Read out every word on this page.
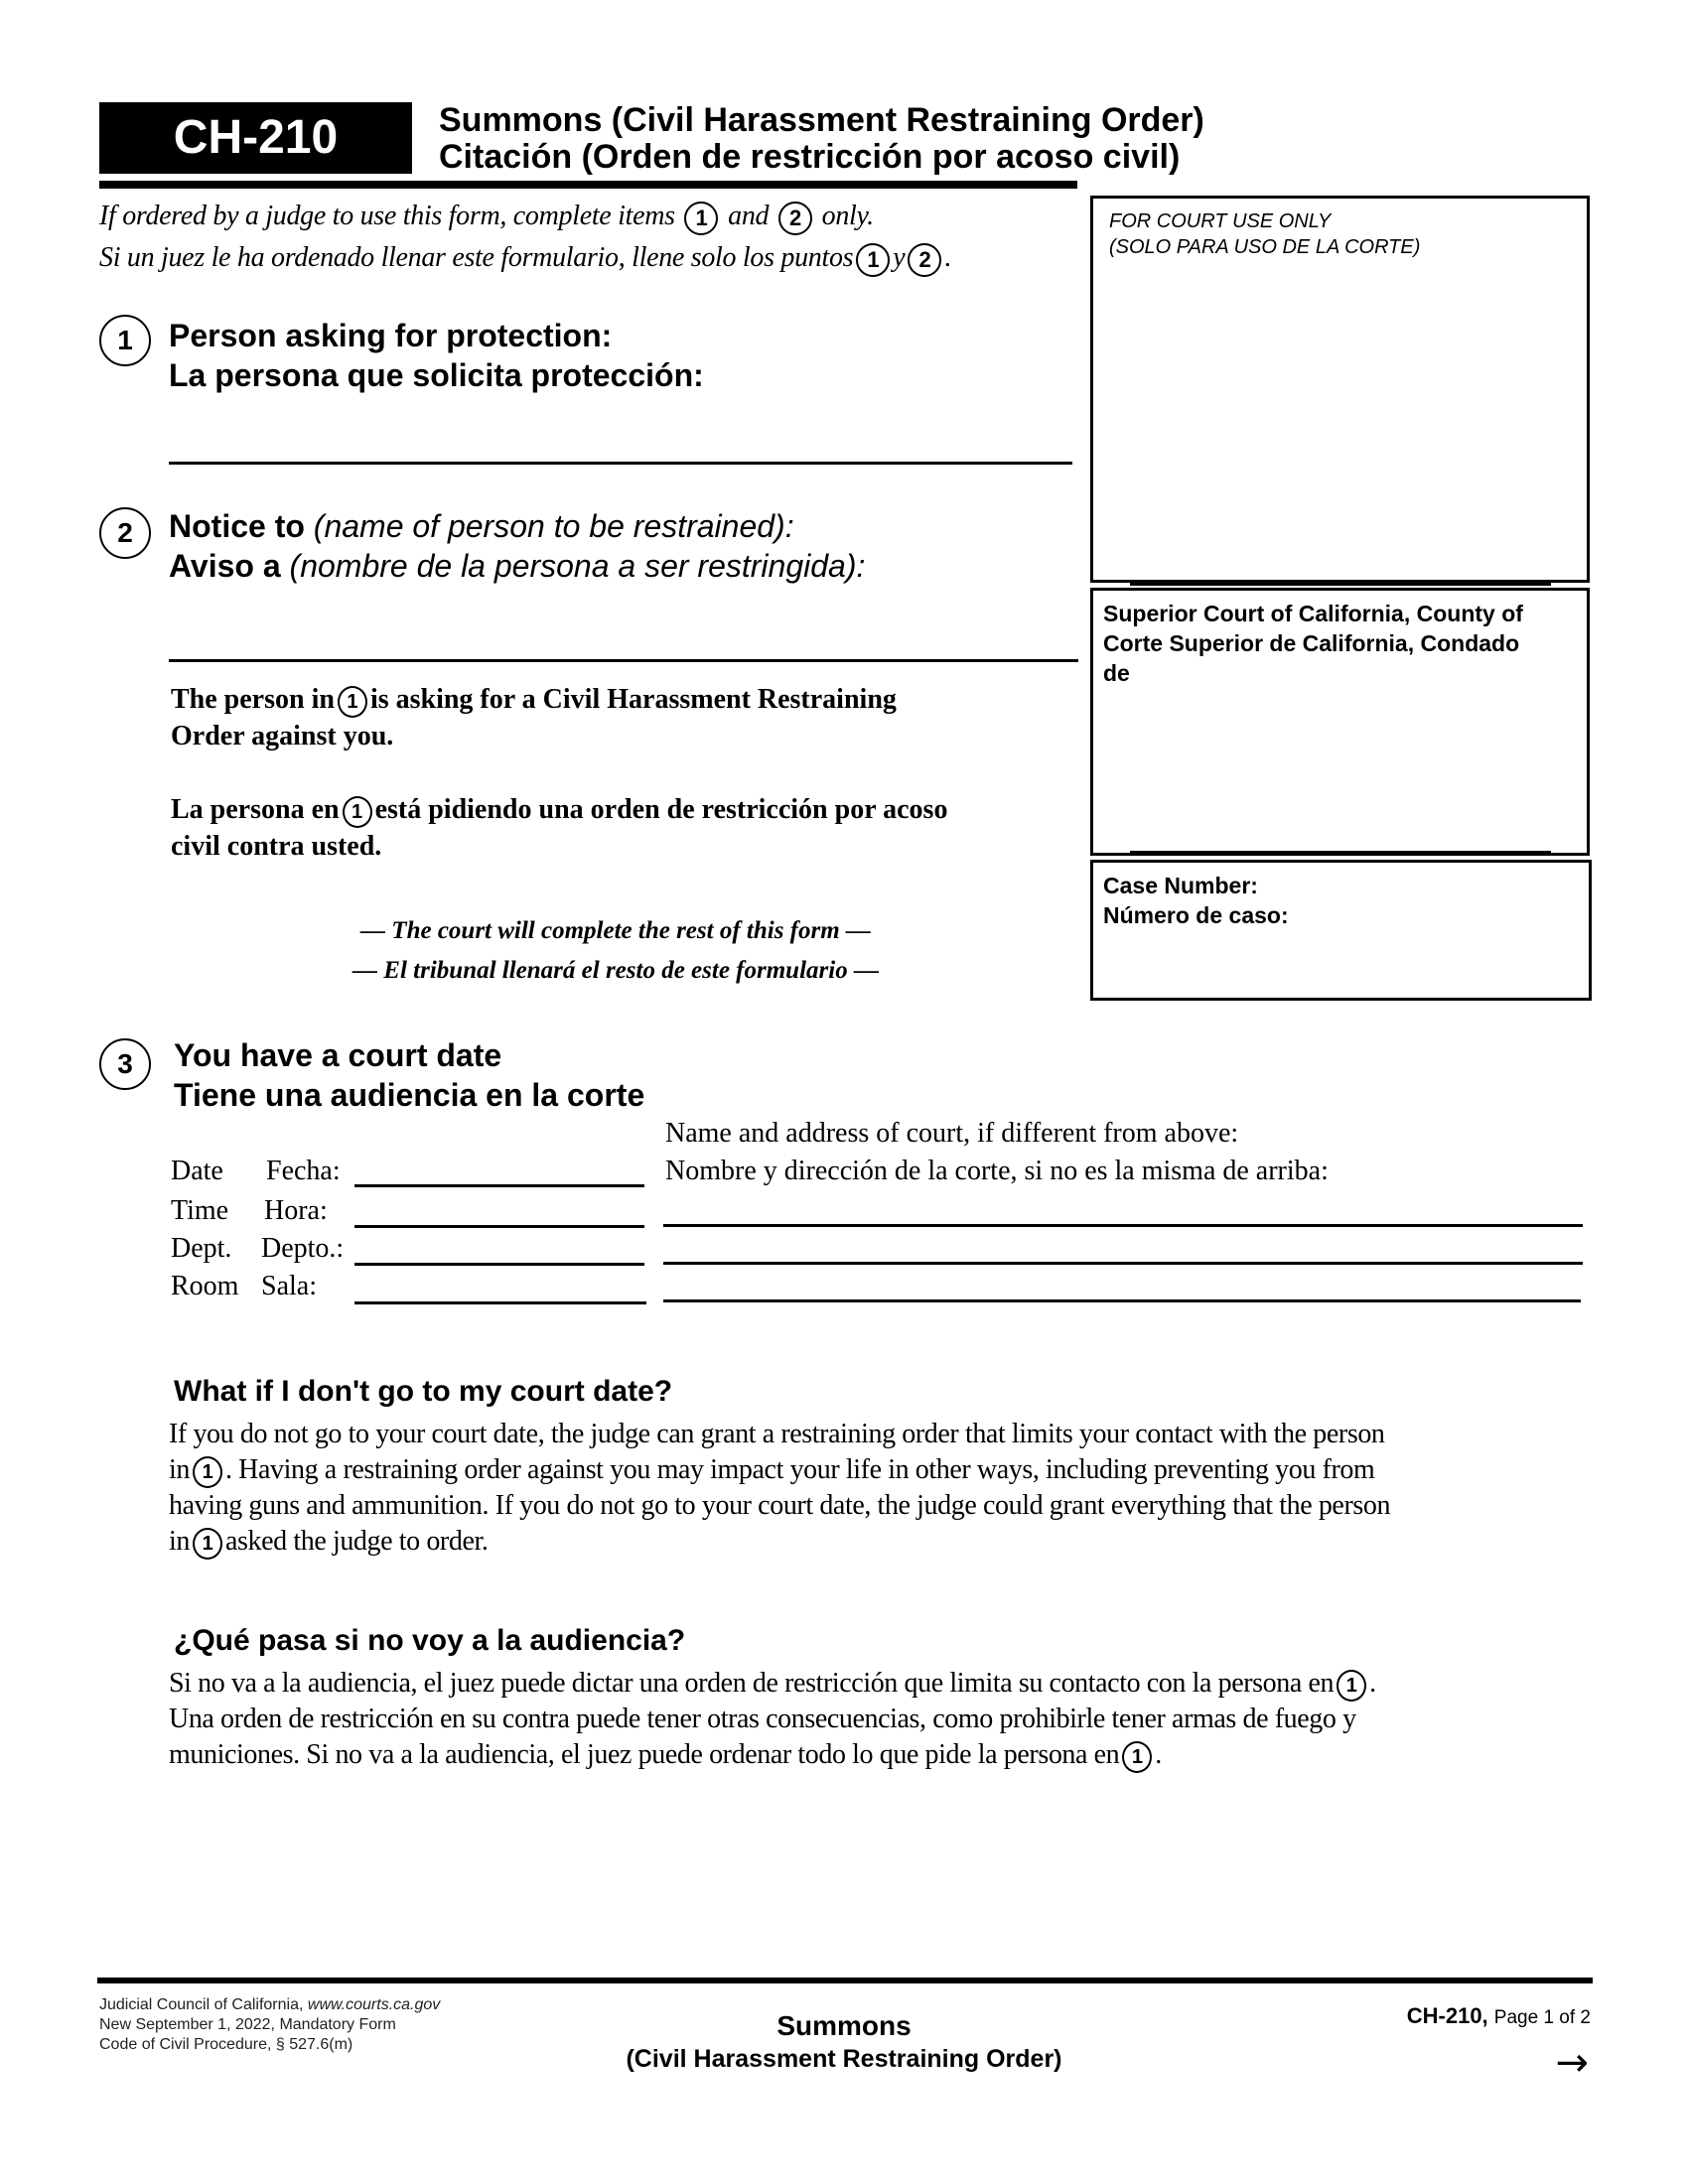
CH-210	Summons (Civil Harassment Restraining Order)
Citación (Orden de restricción por acoso civil)
If ordered by a judge to use this form, complete items 1 and 2 only.
Si un juez le ha ordenado llenar este formulario, llene solo los puntos 1 y 2 .
FOR COURT USE ONLY
(SOLO PARA USO DE LA CORTE)
Superior Court of California, County of
Corte Superior de California, Condado
de
Case Number:
Número de caso:
1	Person asking for protection:
La persona que solicita protección:
2	Notice to (name of person to be restrained):
Aviso a (nombre de la persona a ser restringida):
The person in 1 is asking for a Civil Harassment Restraining
Order against you.
La persona en 1 está pidiendo una orden de restricción por acoso
civil contra usted.
— The court will complete the rest of this form —
— El tribunal llenará el resto de este formulario —
3	You have a court date
Tiene una audiencia en la corte
Date Fecha:
Time Hora:
Dept. Depto.:
Room Sala:
Name and address of court, if different from above:
Nombre y dirección de la corte, si no es la misma de arriba:
What if I don't go to my court date?
If you do not go to your court date, the judge can grant a restraining order that limits your contact with the person
in 1 . Having a restraining order against you may impact your life in other ways, including preventing you from
having guns and ammunition. If you do not go to your court date, the judge could grant everything that the person
in 1 asked the judge to order.
¿Qué pasa si no voy a la audiencia?
Si no va a la audiencia, el juez puede dictar una orden de restricción que limita su contacto con la persona en 1 .
Una orden de restricción en su contra puede tener otras consecuencias, como prohibirle tener armas de fuego y
municiones. Si no va a la audiencia, el juez puede ordenar todo lo que pide la persona en 1 .
Judicial Council of California, www.courts.ca.gov
New September 1, 2022, Mandatory Form
Code of Civil Procedure, § 527.6(m)
Summons
(Civil Harassment Restraining Order)
CH-210, Page 1 of 2
→
